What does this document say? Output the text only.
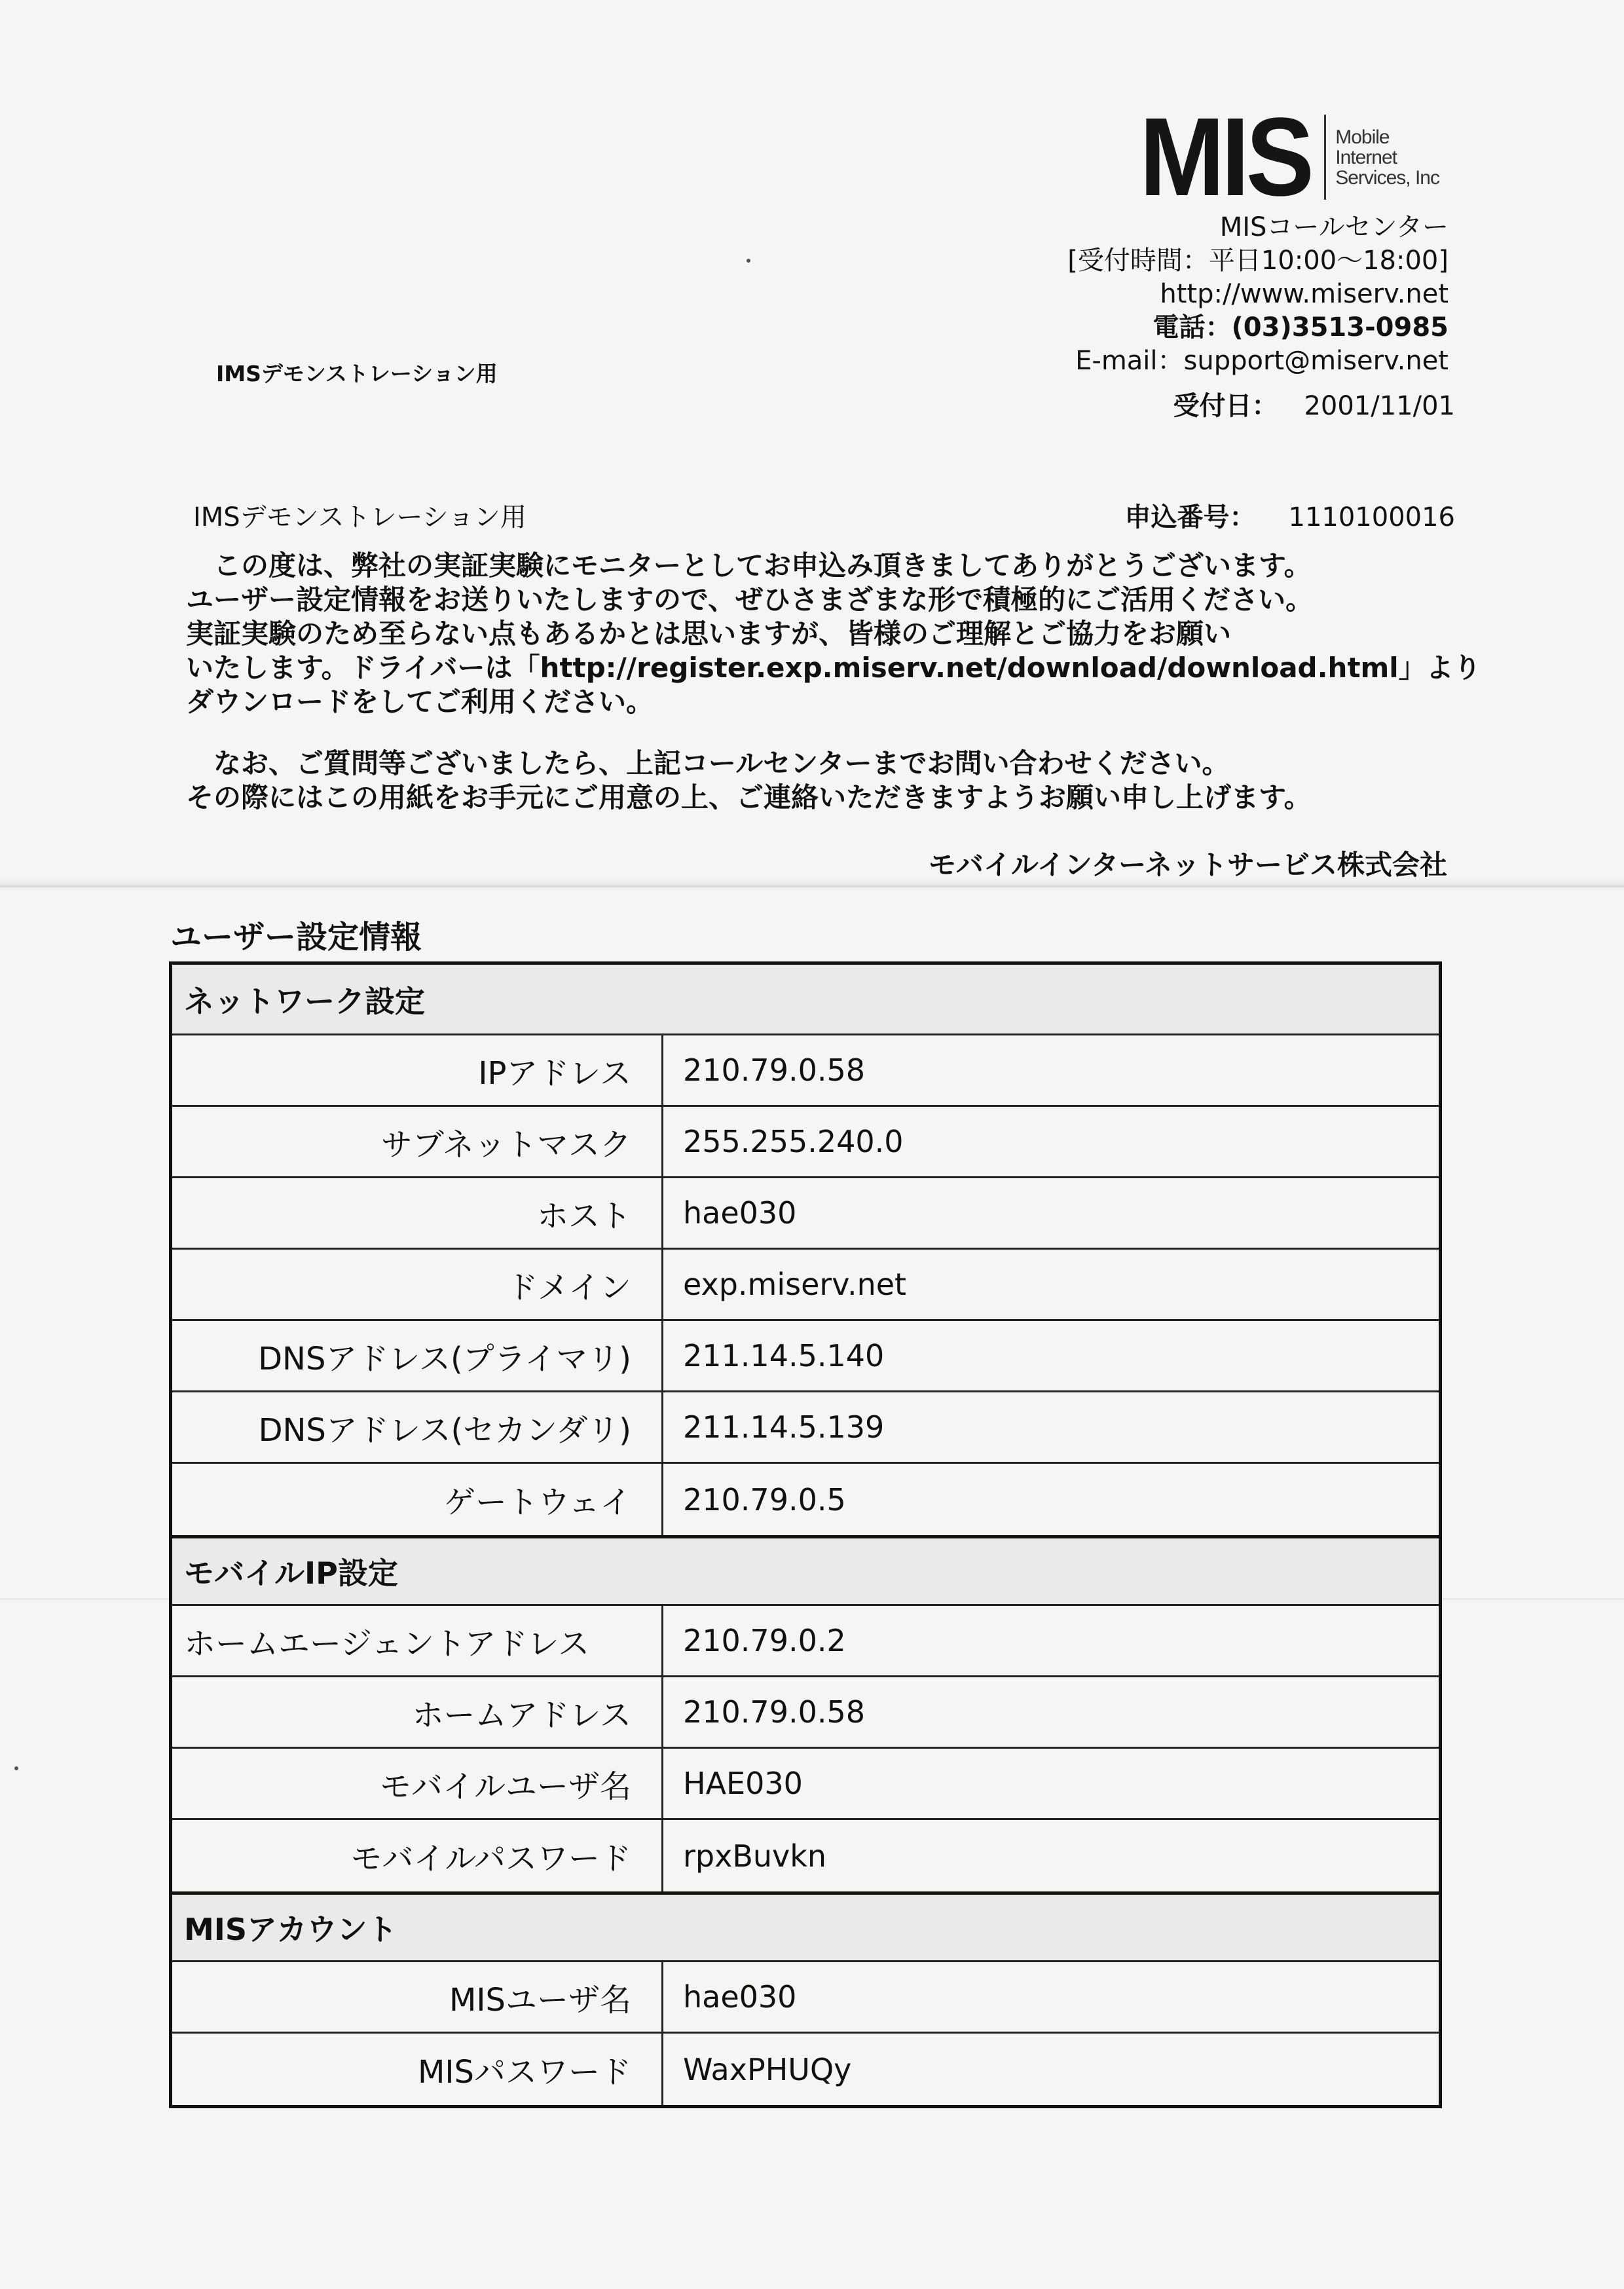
MIS Mobile
Internet
Services, Inc
MISコールセンター
[受付時間：平日10:00～18:00]
http://www.miserv.net
電話：(03)3513-0985
E-mail：support@miserv.net
受付日： 2001/11/01
IMSデモンストレーション用
IMSデモンストレーション用	申込番号： 1110100016
　この度は、弊社の実証実験にモニターとしてお申込み頂きましてありがとうございます。
ユーザー設定情報をお送りいたしますので、ぜひさまざまな形で積極的にご活用ください。
実証実験のため至らない点もあるかとは思いますが、皆様のご理解とご協力をお願い
いたします。ドライバーは「http://register.exp.miserv.net/download/download.html」より
ダウンロードをしてご利用ください。
　なお、ご質問等ございましたら、上記コールセンターまでお問い合わせください。
その際にはこの用紙をお手元にご用意の上、ご連絡いただきますようお願い申し上げます。
モバイルインターネットサービス株式会社
ユーザー設定情報
ネットワーク設定
IPアドレス	210.79.0.58
サブネットマスク	255.255.240.0
ホスト	hae030
ドメイン	exp.miserv.net
DNSアドレス(プライマリ)	211.14.5.140
DNSアドレス(セカンダリ)	211.14.5.139
ゲートウェイ	210.79.0.5
モバイルIP設定
ホームエージェントアドレス	210.79.0.2
ホームアドレス	210.79.0.58
モバイルユーザ名	HAE030
モバイルパスワード	rpxBuvkn
MISアカウント
MISユーザ名	hae030
MISパスワード	WaxPHUQy
